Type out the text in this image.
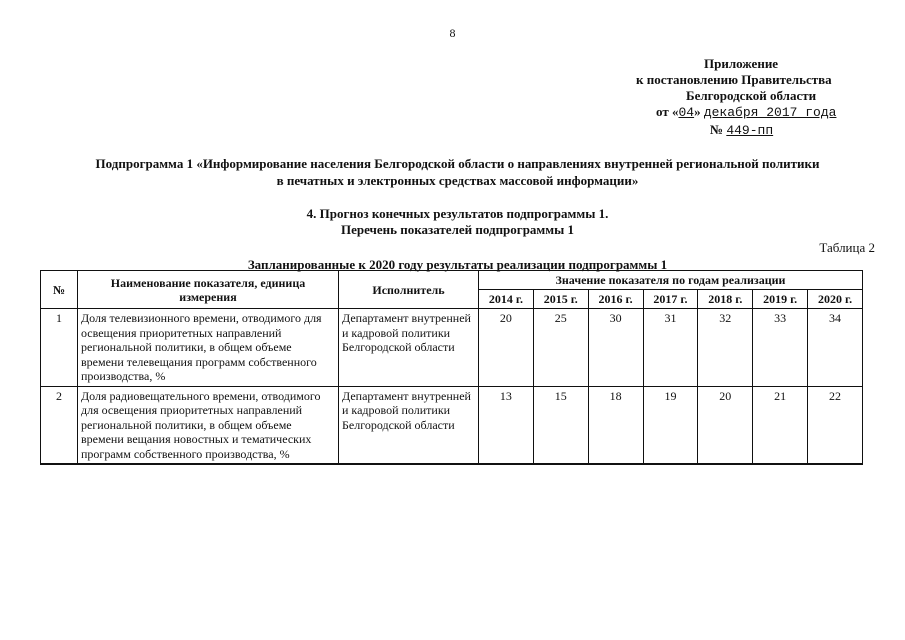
8
Приложение
к постановлению Правительства
Белгородской области
от «04» декабря 2017 года
№ 449-пп
Подпрограмма 1 «Информирование населения Белгородской области о направлениях внутренней региональной политики
в печатных и электронных средствах массовой информации»
4. Прогноз конечных результатов подпрограммы 1.
Перечень показателей подпрограммы 1
Таблица 2
Запланированные к 2020 году результаты реализации подпрограммы 1
№	Наименование показателя, единица измерения	Исполнитель	Значение показателя по годам реализации						
			2014 г.	2015 г.	2016 г.	2017 г.	2018 г.	2019 г.	2020 г.
1	Доля телевизионного времени, отводимого для освещения приоритетных направлений региональной политики, в общем объеме времени телевещания программ собственного производства, %	Департамент внутренней и кадровой политики Белгородской области	20	25	30	31	32	33	34
2	Доля радиовещательного времени, отводимого для освещения приоритетных направлений региональной политики, в общем объеме времени вещания новостных и тематических программ собственного производства, %	Департамент внутренней и кадровой политики Белгородской области	13	15	18	19	20	21	22
